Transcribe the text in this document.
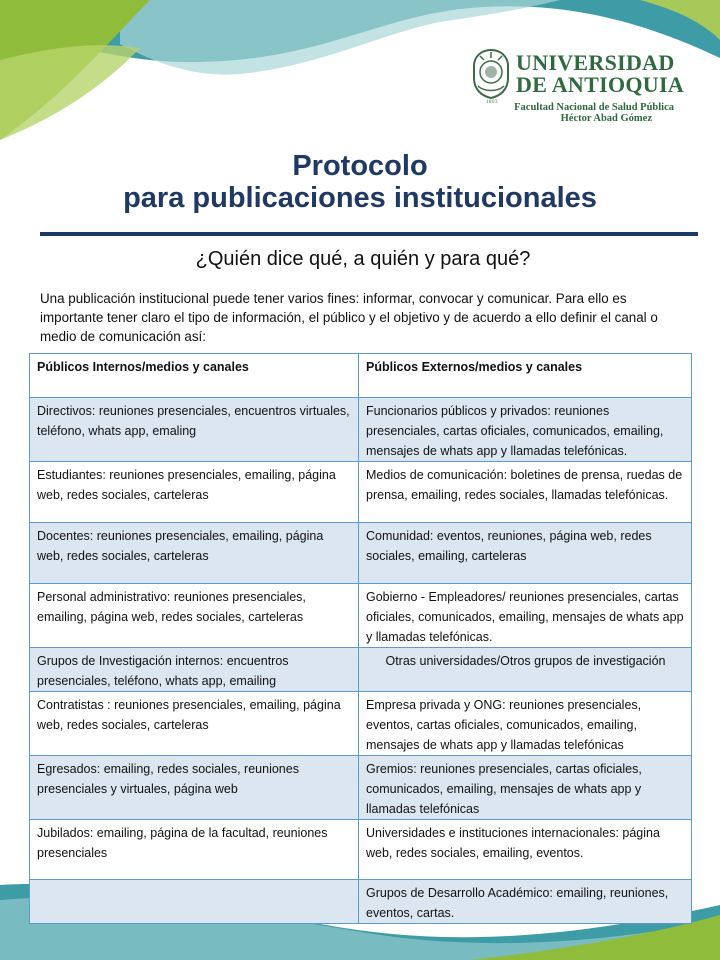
1803
UNIVERSIDAD
DE ANTIOQUIA
Facultad Nacional de Salud Pública
Héctor Abad Gómez
Protocolo
para publicaciones institucionales
¿Quién dice qué, a quién y para qué?
Una publicación institucional puede tener varios fines: informar, convocar y comunicar. Para ello es importante tener claro el tipo de información, el público y el objetivo y de acuerdo a ello definir el canal o medio de comunicación así:
Públicos Internos/medios y canales	Públicos Externos/medios y canales
Directivos: reuniones presenciales, encuentros virtuales, teléfono, whats app, emaling	Funcionarios públicos y privados: reuniones presenciales, cartas oficiales, comunicados, emailing, mensajes de whats app y llamadas telefónicas.
Estudiantes: reuniones presenciales, emailing, página web, redes sociales, carteleras	Medios de comunicación: boletines de prensa, ruedas de prensa, emailing, redes sociales, llamadas telefónicas.
Docentes: reuniones presenciales, emailing, página web, redes sociales, carteleras	Comunidad: eventos, reuniones, página web, redes sociales, emailing, carteleras
Personal administrativo: reuniones presenciales, emailing, página web, redes sociales, carteleras	Gobierno - Empleadores/ reuniones presenciales, cartas oficiales, comunicados, emailing, mensajes de whats app y llamadas telefónicas.
Grupos de Investigación internos: encuentros presenciales, teléfono, whats app, emailing	Otras universidades/Otros grupos de investigación
Contratistas : reuniones presenciales, emailing, página web, redes sociales, carteleras	Empresa privada y ONG: reuniones presenciales, eventos, cartas oficiales, comunicados, emailing, mensajes de whats app y llamadas telefónicas
Egresados: emailing, redes sociales, reuniones presenciales y virtuales, página web	Gremios: reuniones presenciales, cartas oficiales, comunicados, emailing, mensajes de whats app y llamadas telefónicas
Jubilados: emailing, página de la facultad, reuniones presenciales	Universidades e instituciones internacionales: página web, redes sociales, emailing, eventos.
	Grupos de Desarrollo Académico: emailing, reuniones, eventos, cartas.
